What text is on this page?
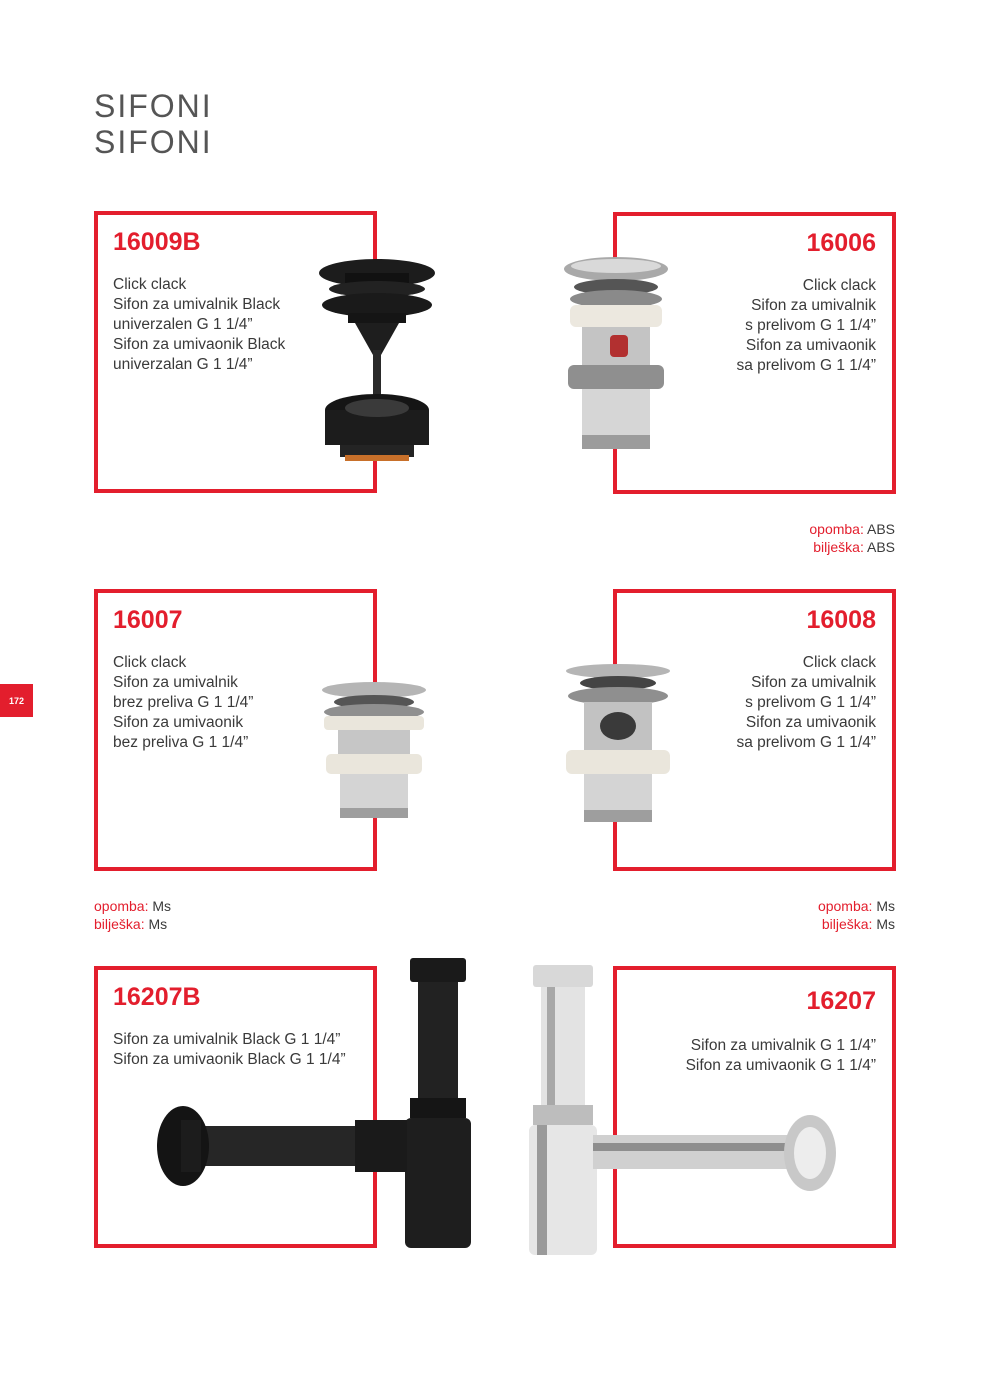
SIFONI
SIFONI
172
16009B
Click clack
Sifon za umivalnik Black
univerzalen G 1 1/4”
Sifon za umivaonik Black
univerzalan G 1 1/4”
16006
Click clack
Sifon za umivalnik
s prelivom G 1 1/4”
Sifon za umivaonik
sa prelivom G 1 1/4”
opomba: ABS
bilješka: ABS
16007
Click clack
Sifon za umivalnik
brez preliva G 1 1/4”
Sifon za umivaonik
bez preliva G 1 1/4”
16008
Click clack
Sifon za umivalnik
s prelivom G 1 1/4”
Sifon za umivaonik
sa prelivom G 1 1/4”
opomba: Ms
bilješka: Ms
opomba: Ms
bilješka: Ms
16207B
Sifon za umivalnik Black G 1 1/4”
Sifon za umivaonik Black G 1 1/4”
16207
Sifon za umivalnik G 1 1/4”
Sifon za umivaonik G 1 1/4”
